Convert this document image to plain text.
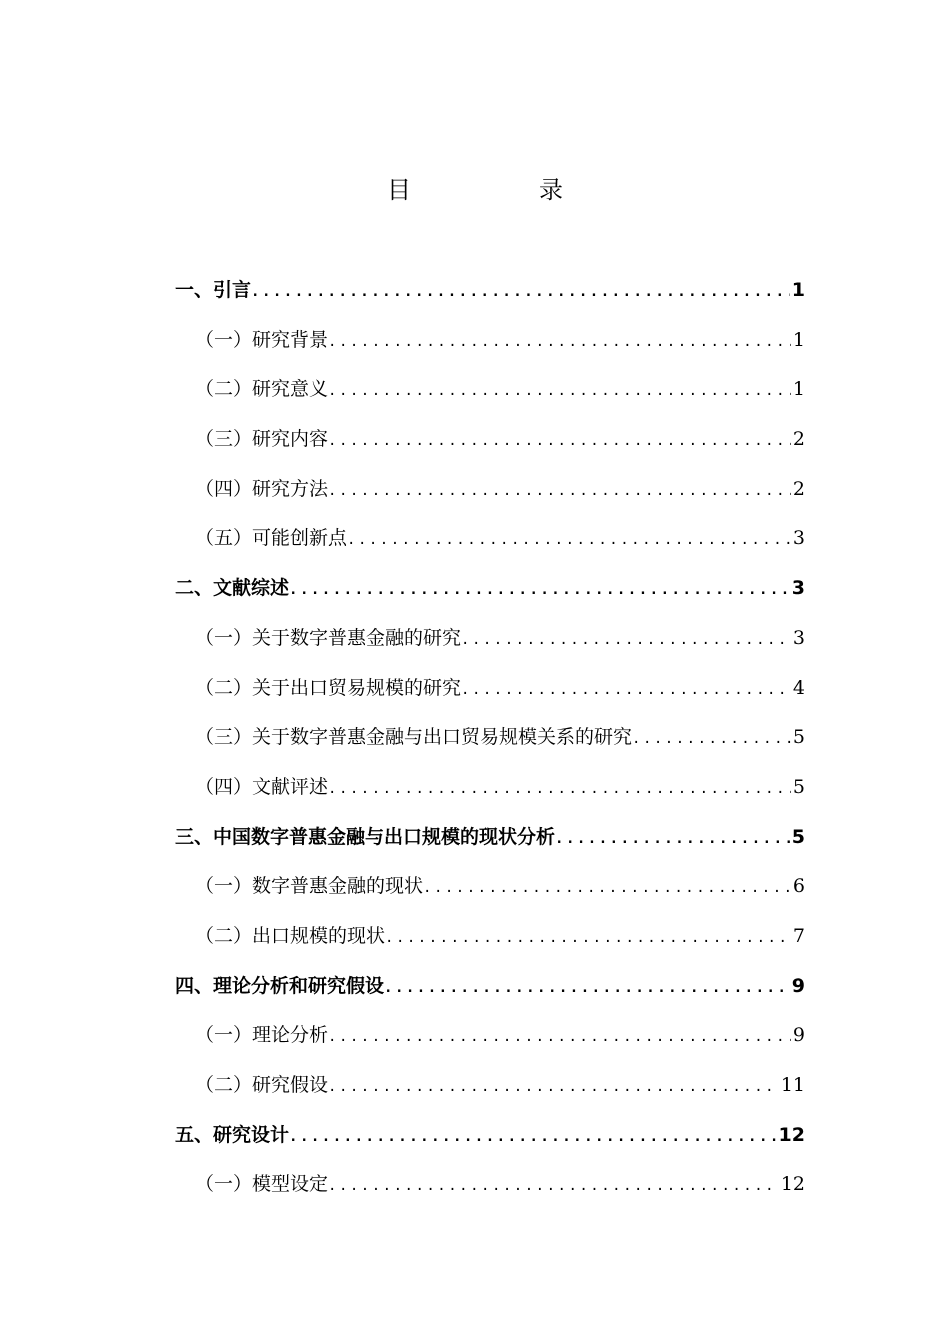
目　录
一、引言 .....	1
（一）研究背景 .....	1
（二）研究意义 .....	1
（三）研究内容 .....	2
（四）研究方法 .....	2
（五）可能创新点 .....	3
二、文献综述 .....	3
（一）关于数字普惠金融的研究 .....	3
（二）关于出口贸易规模的研究 .....	4
（三）关于数字普惠金融与出口贸易规模关系的研究 .....	5
（四）文献评述 .....	5
三、中国数字普惠金融与出口规模的现状分析 .....	5
（一）数字普惠金融的现状 .....	6
（二）出口规模的现状 .....	7
四、理论分析和研究假设 .....	9
（一）理论分析 .....	9
（二）研究假设 .....	11
五、研究设计 .....	12
（一）模型设定 .....	12
